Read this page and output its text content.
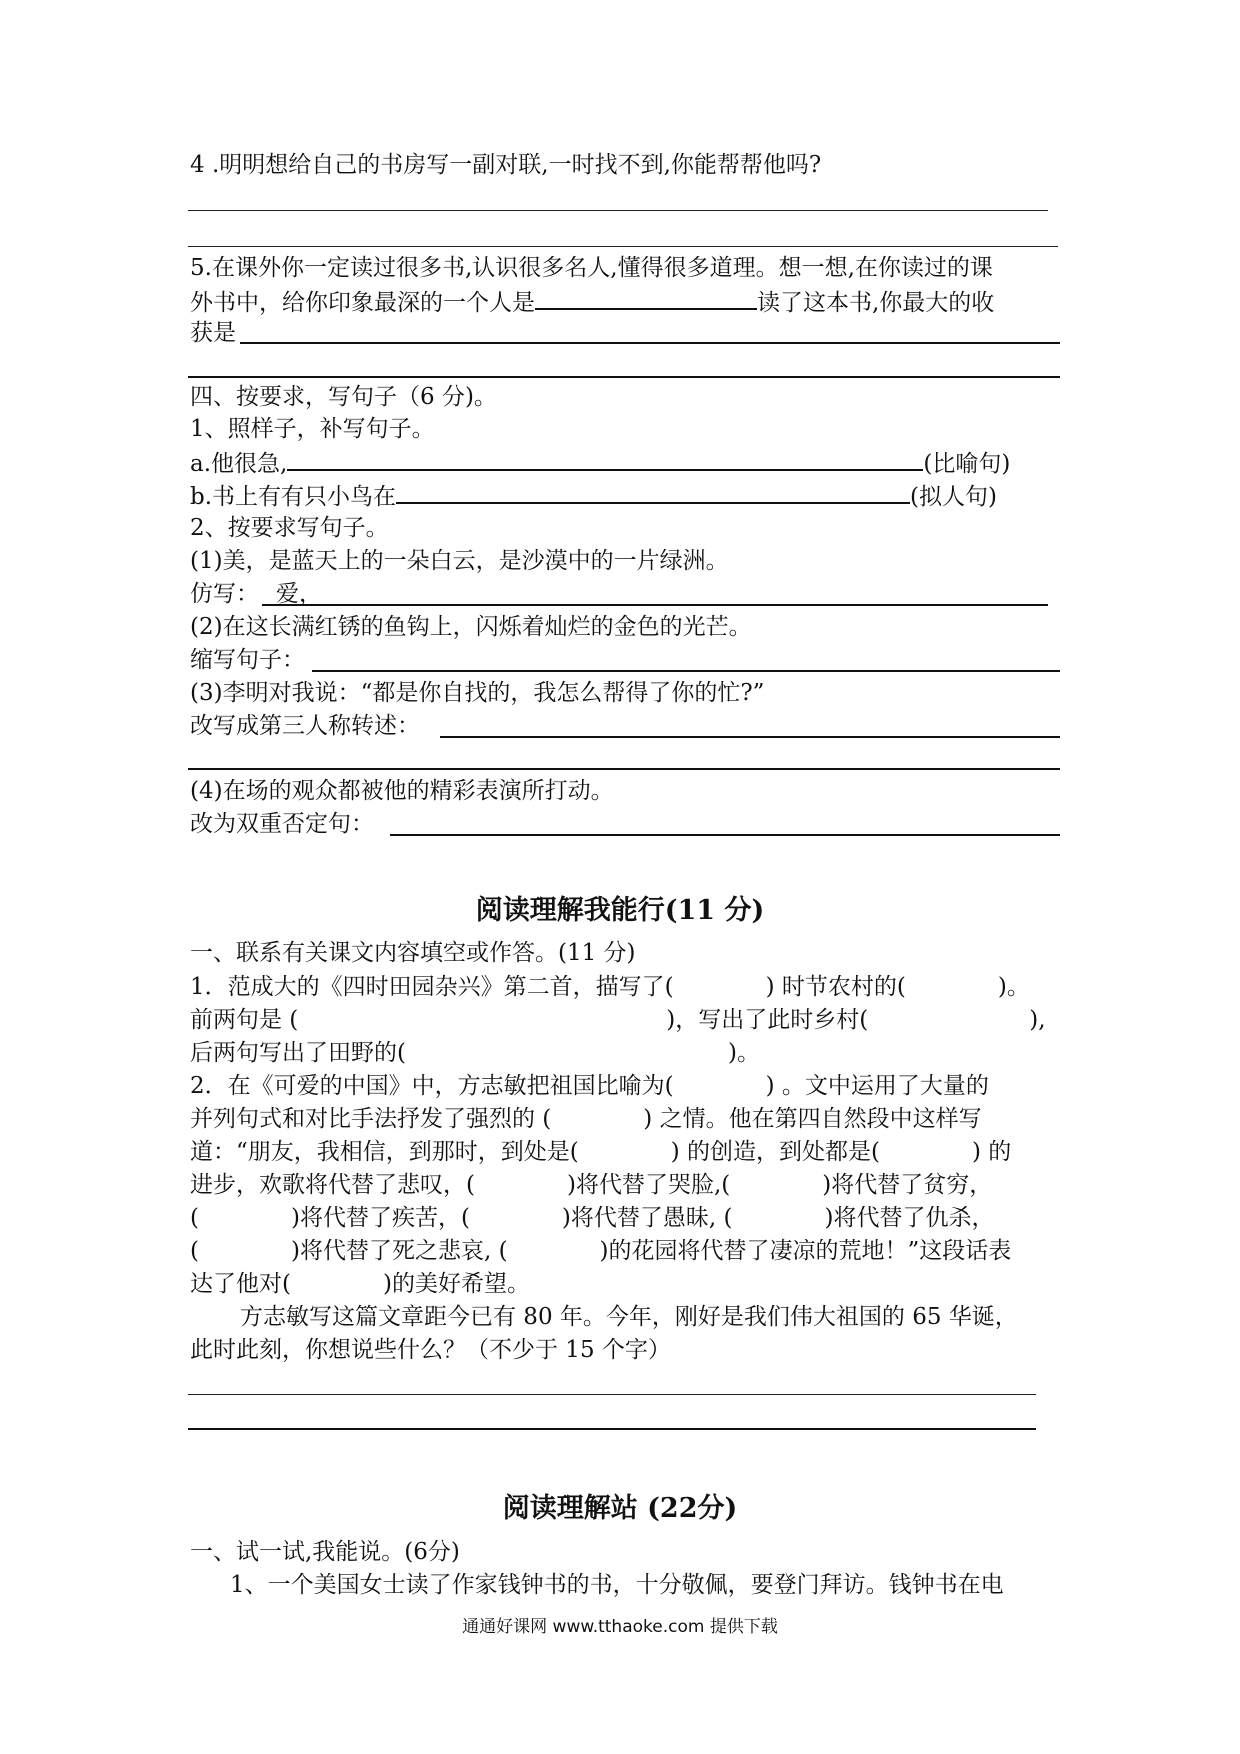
4 .明明想给自己的书房写一副对联,一时找不到,你能帮帮他吗?
5.在课外你一定读过很多书,认识很多名人,懂得很多道理。想一想,在你读过的课
外书中，给你印象最深的一个人是	读了这本书,你最大的收
获是
四、按要求，写句子（6 分)。
1、照样子，补写句子。
a.他很急,	(比喻句)
b.书上有有只小鸟在	(拟人句)
2、按要求写句子。
(1)美，是蓝天上的一朵白云，是沙漠中的一片绿洲。
仿写： 爱，
(2)在这长满红锈的鱼钩上，闪烁着灿烂的金色的光芒。
缩写句子：
(3)李明对我说：“都是你自找的，我怎么帮得了你的忙?”
改写成第三人称转述：
(4)在场的观众都被他的精彩表演所打动。
改为双重否定句：
阅读理解我能行(11 分)
一、联系有关课文内容填空或作答。(11 分)
1．范成大的《四时田园杂兴》第二首，描写了(　　　　) 时节农村的(　　　　)。
前两句是 (　　　　　　　　　　　　　　　　)，写出了此时乡村(　　　　　　　),
后两句写出了田野的(　　　　　　　　　　　　　　)。
2．在《可爱的中国》中，方志敏把祖国比喻为(　　　　) 。文中运用了大量的
并列句式和对比手法抒发了强烈的 (　　　　) 之情。他在第四自然段中这样写
道：“朋友，我相信，到那时，到处是(　　　　) 的创造，到处都是(　　　　) 的
进步，欢歌将代替了悲叹，(　　　　)将代替了哭脸,(　　　　)将代替了贫穷，
(　　　　)将代替了疾苦，(　　　　)将代替了愚昧, (　　　　)将代替了仇杀，
(　　　　)将代替了死之悲哀, (　　　　)的花园将代替了凄凉的荒地！”这段话表
达了他对(　　　　)的美好希望。
方志敏写这篇文章距今已有 80 年。今年，刚好是我们伟大祖国的 65 华诞，
此时此刻，你想说些什么？（不少于 15 个字）
阅读理解站 (22分)
一、试一试,我能说。(6分)
1、一个美国女士读了作家钱钟书的书，十分敬佩，要登门拜访。钱钟书在电
通通好课网 www.tthaoke.com 提供下载
